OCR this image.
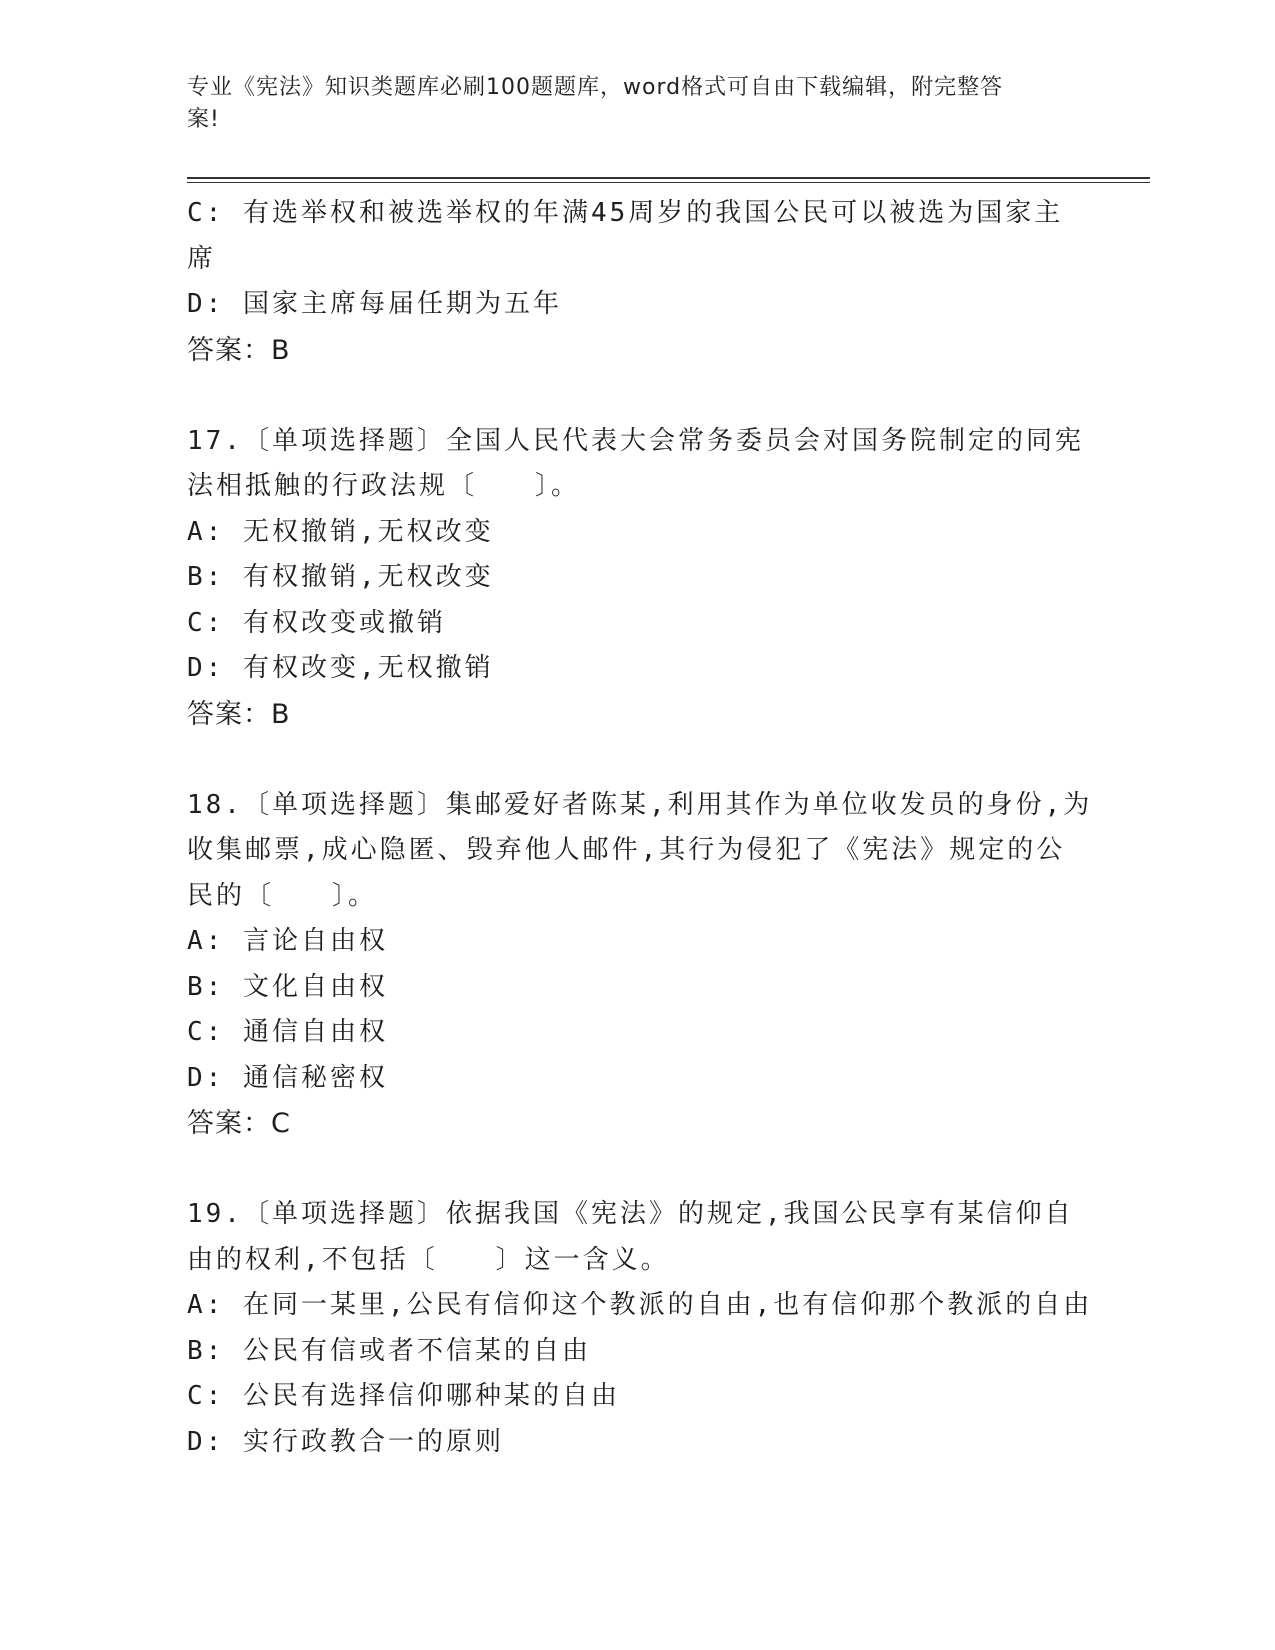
专业《宪法》知识类题库必刷100题题库，word格式可自由下载编辑，附完整答
案!
C: 有选举权和被选举权的年满45周岁的我国公民可以被选为国家主
席
D: 国家主席每届任期为五年
答案：B
17.〔单项选择题〕全国人民代表大会常务委员会对国务院制定的同宪
法相抵触的行政法规〔　　〕。
A: 无权撤销,无权改变
B: 有权撤销,无权改变
C: 有权改变或撤销
D: 有权改变,无权撤销
答案：B
18.〔单项选择题〕集邮爱好者陈某,利用其作为单位收发员的身份,为
收集邮票,成心隐匿、毁弃他人邮件,其行为侵犯了《宪法》规定的公
民的〔　　〕。
A: 言论自由权
B: 文化自由权
C: 通信自由权
D: 通信秘密权
答案：C
19.〔单项选择题〕依据我国《宪法》的规定,我国公民享有某信仰自
由的权利,不包括〔　　〕这一含义。
A: 在同一某里,公民有信仰这个教派的自由,也有信仰那个教派的自由
B: 公民有信或者不信某的自由
C: 公民有选择信仰哪种某的自由
D: 实行政教合一的原则
